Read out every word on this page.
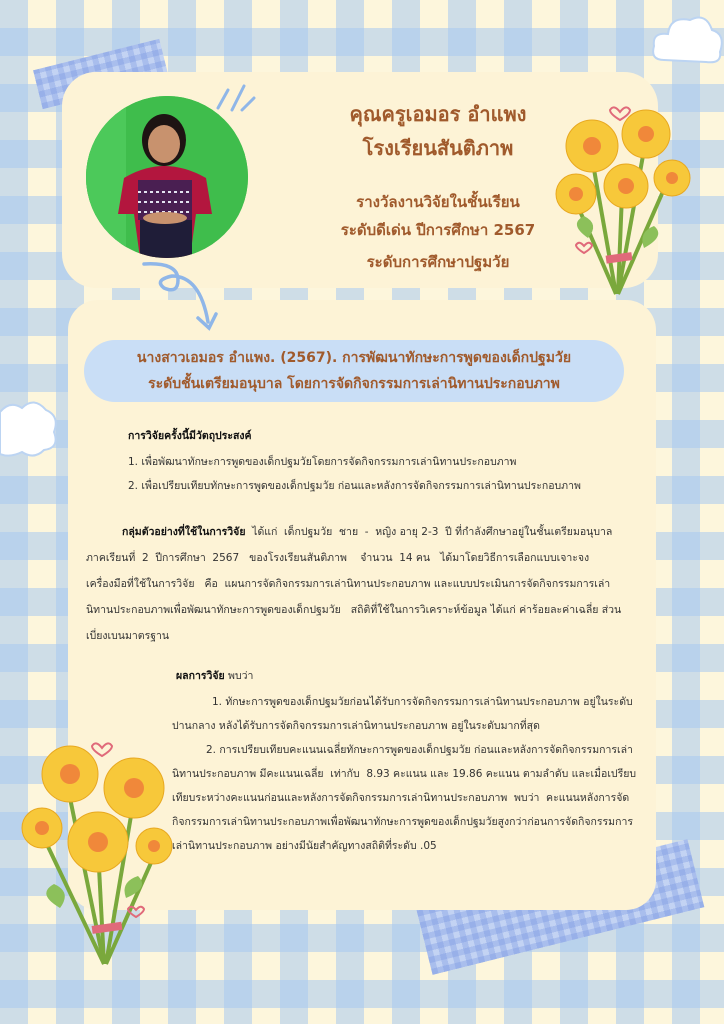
คุณครูเอมอร อำแพง
โรงเรียนสันติภาพ
รางวัลงานวิจัยในชั้นเรียน
ระดับดีเด่น ปีการศึกษา 2567
ระดับการศึกษาปฐมวัย
นางสาวเอมอร อำแพง. (2567). การพัฒนาทักษะการพูดของเด็กปฐมวัย
ระดับชั้นเตรียมอนุบาล โดยการจัดกิจกรรมการเล่านิทานประกอบภาพ
การวิจัยครั้งนี้มีวัตถุประสงค์
1. เพื่อพัฒนาทักษะการพูดของเด็กปฐมวัยโดยการจัดกิจกรรมการเล่านิทานประกอบภาพ
2. เพื่อเปรียบเทียบทักษะการพูดของเด็กปฐมวัย ก่อนและหลังการจัดกิจกรรมการเล่านิทานประกอบภาพ
กลุ่มตัวอย่างที่ใช้ในการวิจัย  ได้แก่  เด็กปฐมวัย  ชาย  -  หญิง อายุ 2-3  ปี ที่กำลังศึกษาอยู่ในชั้นเตรียมอนุบาล
ภาคเรียนที่  2  ปีการศึกษา  2567   ของโรงเรียนสันติภาพ    จำนวน  14 คน   ได้มาโดยวิธีการเลือกแบบเจาะจง
เครื่องมือที่ใช้ในการวิจัย   คือ  แผนการจัดกิจกรรมการเล่านิทานประกอบภาพ และแบบประเมินการจัดกิจกรรมการเล่า
นิทานประกอบภาพเพื่อพัฒนาทักษะการพูดของเด็กปฐมวัย   สถิติที่ใช้ในการวิเคราะห์ข้อมูล ได้แก่ ค่าร้อยละค่าเฉลี่ย ส่วน
เบี่ยงเบนมาตรฐาน
ผลการวิจัย พบว่า
1. ทักษะการพูดของเด็กปฐมวัยก่อนได้รับการจัดกิจกรรมการเล่านิทานประกอบภาพ อยู่ในระดับ
ปานกลาง หลังได้รับการจัดกิจกรรมการเล่านิทานประกอบภาพ อยู่ในระดับมากที่สุด
2. การเปรียบเทียบคะแนนเฉลี่ยทักษะการพูดของเด็กปฐมวัย ก่อนและหลังการจัดกิจกรรมการเล่า
นิทานประกอบภาพ มีคะแนนเฉลี่ย  เท่ากับ  8.93 คะแนน และ 19.86 คะแนน ตามลำดับ และเมื่อเปรียบ
เทียบระหว่างคะแนนก่อนและหลังการจัดกิจกรรมการเล่านิทานประกอบภาพ  พบว่า  คะแนนหลังการจัด
กิจกรรมการเล่านิทานประกอบภาพเพื่อพัฒนาทักษะการพูดของเด็กปฐมวัยสูงกว่าก่อนการจัดกิจกรรมการ
เล่านิทานประกอบภาพ อย่างมีนัยสำคัญทางสถิติที่ระดับ .05
